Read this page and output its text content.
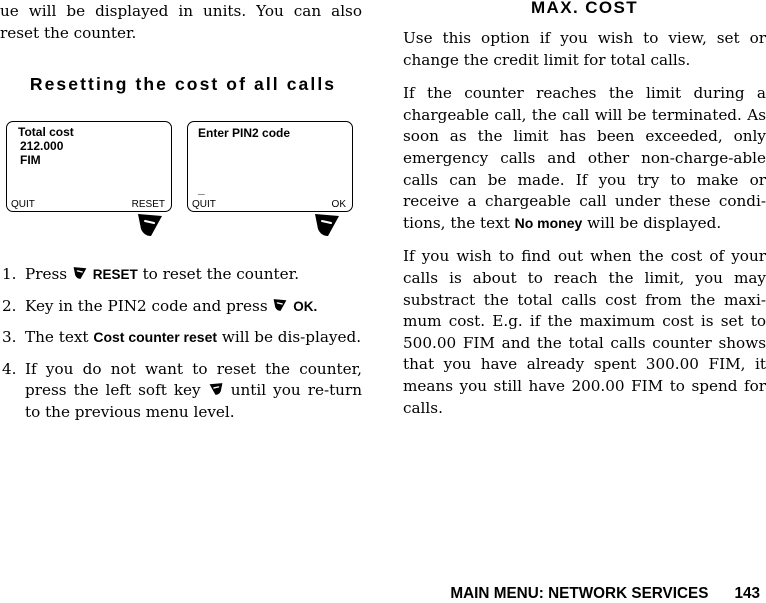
ue will be displayed in units. You can also reset the counter.
Resetting the cost of all calls
Total cost
212.000
FIM
QUIT	RESET
Enter PIN2 code
_
QUIT	OK
1. Press RESET to reset the counter.
2. Key in the PIN2 code and press OK.
3. The text Cost counter reset will be dis-played.
4. If you do not want to reset the counter, press the left soft key until you re-turn to the previous menu level.
MAX. COST

Use this option if you wish to view, set or change the credit limit for total calls.

If the counter reaches the limit during a chargeable call, the call will be terminated. As soon as the limit has been exceeded, only emergency calls and other non-charge-able calls can be made. If you try to make or receive a chargeable call under these condi-tions, the text No money will be displayed.

If you wish to find out when the cost of your calls is about to reach the limit, you may substract the total calls cost from the maxi-mum cost. E.g. if the maximum cost is set to 500.00 FIM and the total calls counter shows that you have already spent 300.00 FIM, it means you still have 200.00 FIM to spend for calls.

MAIN MENU: NETWORK SERVICES 143
